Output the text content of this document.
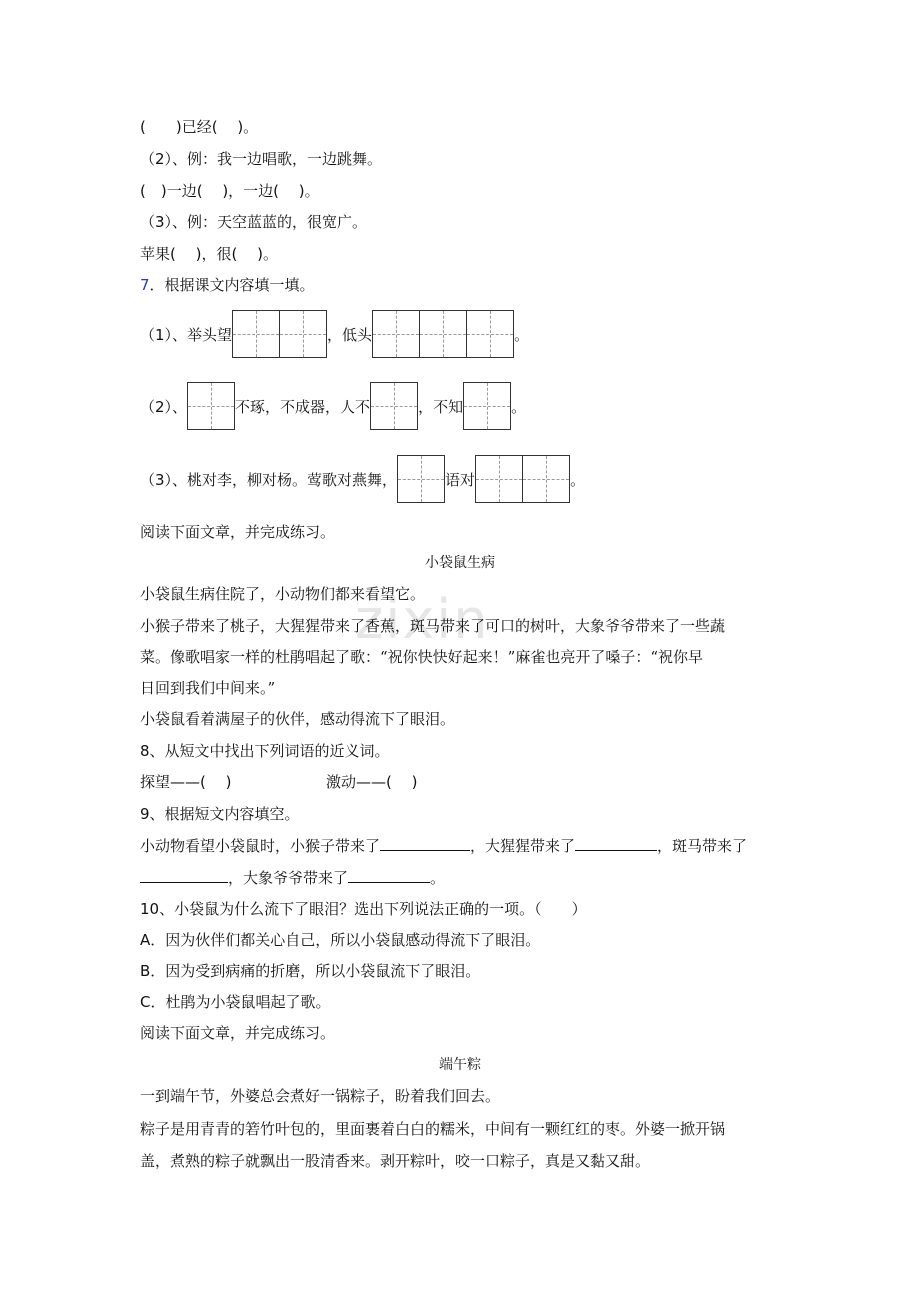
zixin
(　　)已经(　 )。
（2）、例：我一边唱歌，一边跳舞。
(　)一边(　 )，一边(　 )。
（3）、例：天空蓝蓝的，很宽广。
苹果(　 )，很(　 )。
7．根据课文内容填一填。
（1）、举头望	，低头	。
（2）、	不琢，不成器，人不	，不知	。
（3）、桃对李，柳对杨。莺歌对燕舞，	语对	。
阅读下面文章，并完成练习。
小袋鼠生病
小袋鼠生病住院了，小动物们都来看望它。
小猴子带来了桃子，大猩猩带来了香蕉，斑马带来了可口的树叶，大象爷爷带来了一些蔬
菜。像歌唱家一样的杜鹃唱起了歌：“祝你快快好起来！”麻雀也亮开了嗓子：“祝你早
日回到我们中间来。”
小袋鼠看着满屋子的伙伴，感动得流下了眼泪。
8、从短文中找出下列词语的近义词。
探望——(　 )	激动——(　 )
9、根据短文内容填空。
小动物看望小袋鼠时，小猴子带来了	，大猩猩带来了	，斑马带来了
，大象爷爷带来了	。
10、小袋鼠为什么流下了眼泪？选出下列说法正确的一项。（　　）
A．因为伙伴们都关心自己，所以小袋鼠感动得流下了眼泪。
B．因为受到病痛的折磨，所以小袋鼠流下了眼泪。
C．杜鹃为小袋鼠唱起了歌。
阅读下面文章，并完成练习。
端午粽
一到端午节，外婆总会煮好一锅粽子，盼着我们回去。
粽子是用青青的箬竹叶包的，里面裹着白白的糯米，中间有一颗红红的枣。外婆一掀开锅
盖，煮熟的粽子就飘出一股清香来。剥开粽叶，咬一口粽子，真是又黏又甜。
